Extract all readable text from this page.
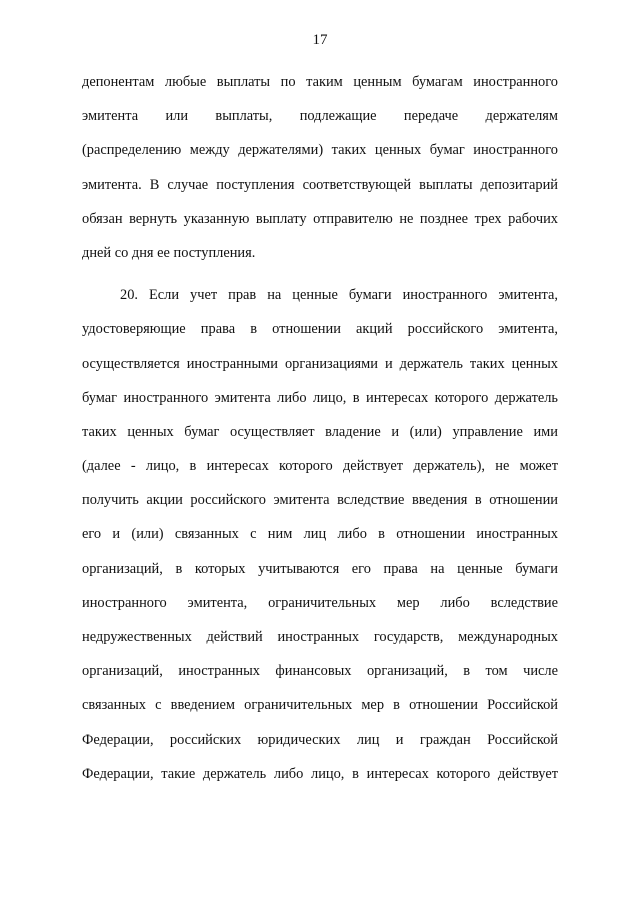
17
депонентам любые выплаты по таким ценным бумагам иностранного
эмитента или выплаты, подлежащие передаче держателям
(распределению между держателями) таких ценных бумаг иностранного
эмитента. В случае поступления соответствующей выплаты депозитарий
обязан вернуть указанную выплату отправителю не позднее трех рабочих
дней со дня ее поступления.
20. Если учет прав на ценные бумаги иностранного эмитента,
удостоверяющие права в отношении акций российского эмитента,
осуществляется иностранными организациями и держатель таких ценных
бумаг иностранного эмитента либо лицо, в интересах которого держатель
таких ценных бумаг осуществляет владение и (или) управление ими
(далее - лицо, в интересах которого действует держатель), не может
получить акции российского эмитента вследствие введения в отношении
его и (или) связанных с ним лиц либо в отношении иностранных
организаций, в которых учитываются его права на ценные бумаги
иностранного эмитента, ограничительных мер либо вследствие
недружественных действий иностранных государств, международных
организаций, иностранных финансовых организаций, в том числе
связанных с введением ограничительных мер в отношении Российской
Федерации, российских юридических лиц и граждан Российской
Федерации, такие держатель либо лицо, в интересах которого действует
